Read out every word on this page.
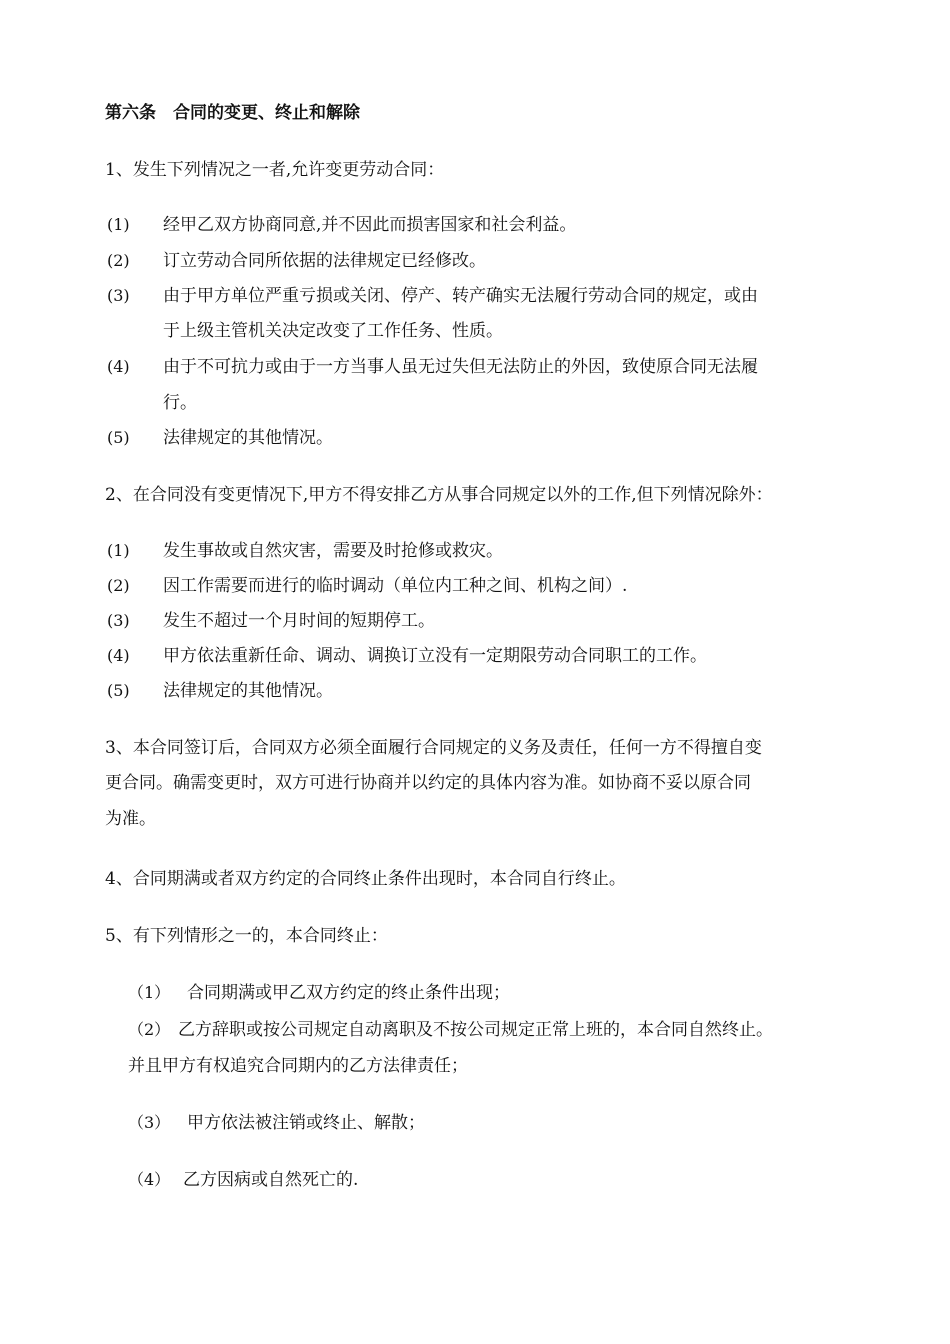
第六条　合同的变更、终止和解除
1、发生下列情况之一者,允许变更劳动合同：
(1) 经甲乙双方协商同意,并不因此而损害国家和社会利益。
(2) 订立劳动合同所依据的法律规定已经修改。
(3) 由于甲方单位严重亏损或关闭、停产、转产确实无法履行劳动合同的规定，或由
于上级主管机关决定改变了工作任务、性质。
(4) 由于不可抗力或由于一方当事人虽无过失但无法防止的外因，致使原合同无法履
行。
(5) 法律规定的其他情况。
2、在合同没有变更情况下,甲方不得安排乙方从事合同规定以外的工作,但下列情况除外：
(1) 发生事故或自然灾害，需要及时抢修或救灾。
(2) 因工作需要而进行的临时调动（单位内工种之间、机构之间）.
(3) 发生不超过一个月时间的短期停工。
(4) 甲方依法重新任命、调动、调换订立没有一定期限劳动合同职工的工作。
(5) 法律规定的其他情况。
3、本合同签订后，合同双方必须全面履行合同规定的义务及责任，任何一方不得擅自变
更合同。确需变更时，双方可进行协商并以约定的具体内容为准。如协商不妥以原合同
为准。
4、合同期满或者双方约定的合同终止条件出现时，本合同自行终止。
5、有下列情形之一的，本合同终止：
（1） 合同期满或甲乙双方约定的终止条件出现；
（2） 乙方辞职或按公司规定自动离职及不按公司规定正常上班的，本合同自然终止。
并且甲方有权追究合同期内的乙方法律责任；
（3） 甲方依法被注销或终止、解散；
（4） 乙方因病或自然死亡的.
